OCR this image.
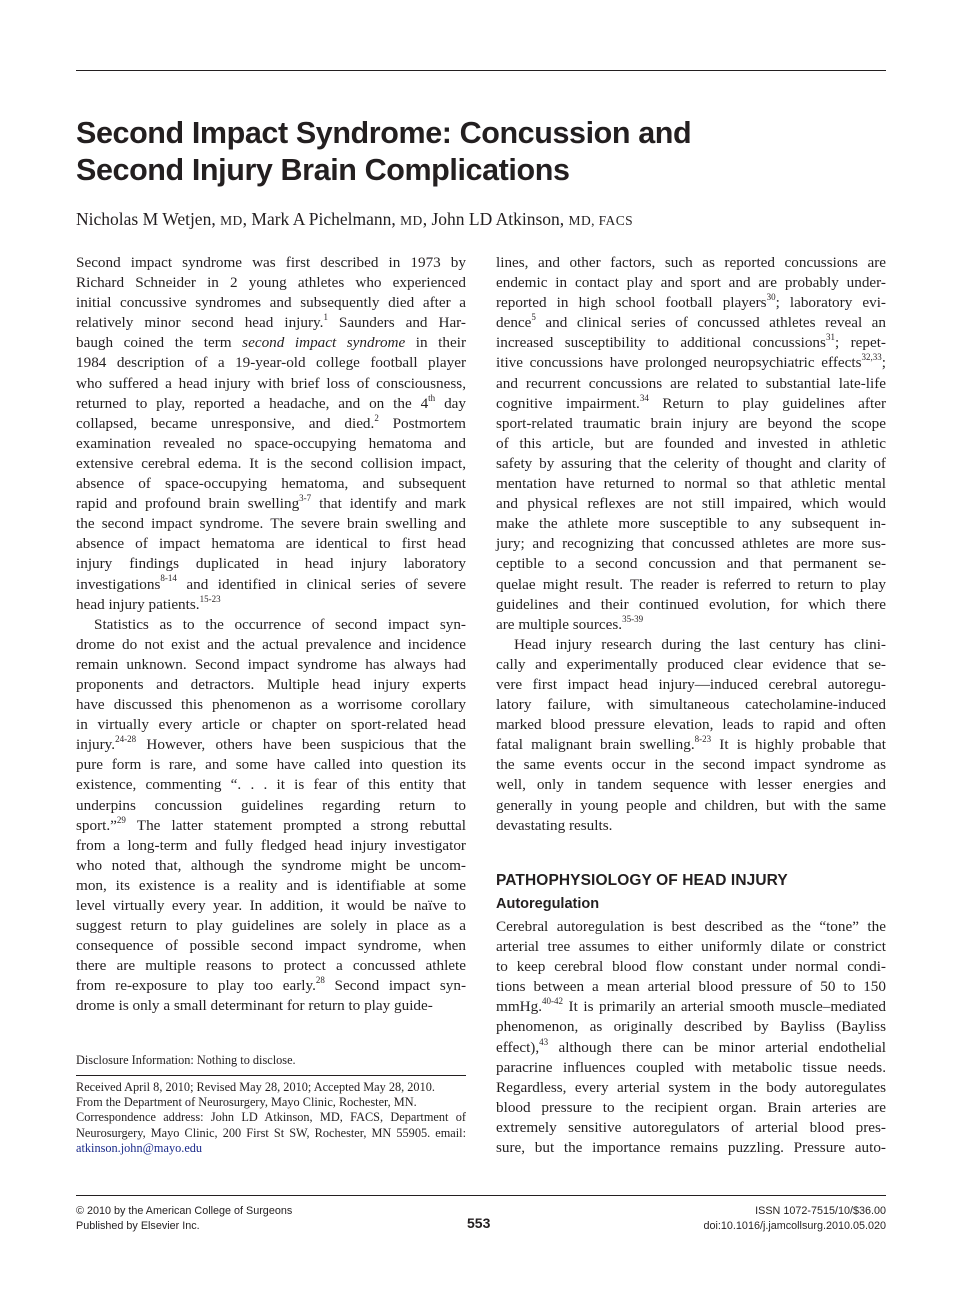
Second Impact Syndrome: Concussion and
Second Injury Brain Complications
Nicholas M Wetjen, MD, Mark A Pichelmann, MD, John LD Atkinson, MD, FACS
Second impact syndrome was first described in 1973 by
Richard Schneider in 2 young athletes who experienced
initial concussive syndromes and subsequently died after a
relatively minor second head injury.$^1$ Saunders and Har-
baugh coined the term second impact syndrome in their
1984 description of a 19-year-old college football player
who suffered a head injury with brief loss of consciousness,
returned to play, reported a headache, and on the 4th day
collapsed, became unresponsive, and died.$^2$ Postmortem
examination revealed no space-occupying hematoma and
extensive cerebral edema. It is the second collision impact,
absence of space-occupying hematoma, and subsequent
rapid and profound brain swelling$^{3-7}$ that identify and mark
the second impact syndrome. The severe brain swelling and
absence of impact hematoma are identical to first head
injury findings duplicated in head injury laboratory
investigations$^{8-14}$ and identified in clinical series of severe
head injury patients.$^{15-23}$
Statistics as to the occurrence of second impact syn-
drome do not exist and the actual prevalence and incidence
remain unknown. Second impact syndrome has always had
proponents and detractors. Multiple head injury experts
have discussed this phenomenon as a worrisome corollary
in virtually every article or chapter on sport-related head
injury.$^{24-28}$ However, others have been suspicious that the
pure form is rare, and some have called into question its
existence, commenting “. . . it is fear of this entity that
underpins concussion guidelines regarding return to
sport.”$^{29}$ The latter statement prompted a strong rebuttal
from a long-term and fully fledged head injury investigator
who noted that, although the syndrome might be uncom-
mon, its existence is a reality and is identifiable at some
level virtually every year. In addition, it would be naïve to
suggest return to play guidelines are solely in place as a
consequence of possible second impact syndrome, when
there are multiple reasons to protect a concussed athlete
from re-exposure to play too early.$^{28}$ Second impact syn-
drome is only a small determinant for return to play guide-
lines, and other factors, such as reported concussions are
endemic in contact play and sport and are probably under-
reported in high school football players$^{30}$; laboratory evi-
dence$^5$ and clinical series of concussed athletes reveal an
increased susceptibility to additional concussions$^{31}$; repet-
itive concussions have prolonged neuropsychiatric effects$^{32,33}$;
and recurrent concussions are related to substantial late-life
cognitive impairment.$^{34}$ Return to play guidelines after
sport-related traumatic brain injury are beyond the scope
of this article, but are founded and invested in athletic
safety by assuring that the celerity of thought and clarity of
mentation have returned to normal so that athletic mental
and physical reflexes are not still impaired, which would
make the athlete more susceptible to any subsequent in-
jury; and recognizing that concussed athletes are more sus-
ceptible to a second concussion and that permanent se-
quelae might result. The reader is referred to return to play
guidelines and their continued evolution, for which there
are multiple sources.$^{35-39}$
Head injury research during the last century has clini-
cally and experimentally produced clear evidence that se-
vere first impact head injury—induced cerebral autoregu-
latory failure, with simultaneous catecholamine-induced
marked blood pressure elevation, leads to rapid and often
fatal malignant brain swelling.$^{8-23}$ It is highly probable that
the same events occur in the second impact syndrome as
well, only in tandem sequence with lesser energies and
generally in young people and children, but with the same
devastating results.
PATHOPHYSIOLOGY OF HEAD INJURY
Autoregulation
Cerebral autoregulation is best described as the “tone” the
arterial tree assumes to either uniformly dilate or constrict
to keep cerebral blood flow constant under normal condi-
tions between a mean arterial blood pressure of 50 to 150
mmHg.$^{40-42}$ It is primarily an arterial smooth muscle–mediated
phenomenon, as originally described by Bayliss (Bayliss
effect),$^{43}$ although there can be minor arterial endothelial
paracrine influences coupled with metabolic tissue needs.
Regardless, every arterial system in the body autoregulates
blood pressure to the recipient organ. Brain arteries are
extremely sensitive autoregulators of arterial blood pres-
sure, but the importance remains puzzling. Pressure auto-
Disclosure Information: Nothing to disclose.
Received April 8, 2010; Revised May 28, 2010; Accepted May 28, 2010.
From the Department of Neurosurgery, Mayo Clinic, Rochester, MN.
Correspondence address: John LD Atkinson, MD, FACS, Department of
Neurosurgery, Mayo Clinic, 200 First St SW, Rochester, MN 55905. email:
atkinson.john@mayo.edu
© 2010 by the American College of Surgeons
Published by Elsevier Inc.	553
ISSN 1072-7515/10/$36.00
doi:10.1016/j.jamcollsurg.2010.05.020
